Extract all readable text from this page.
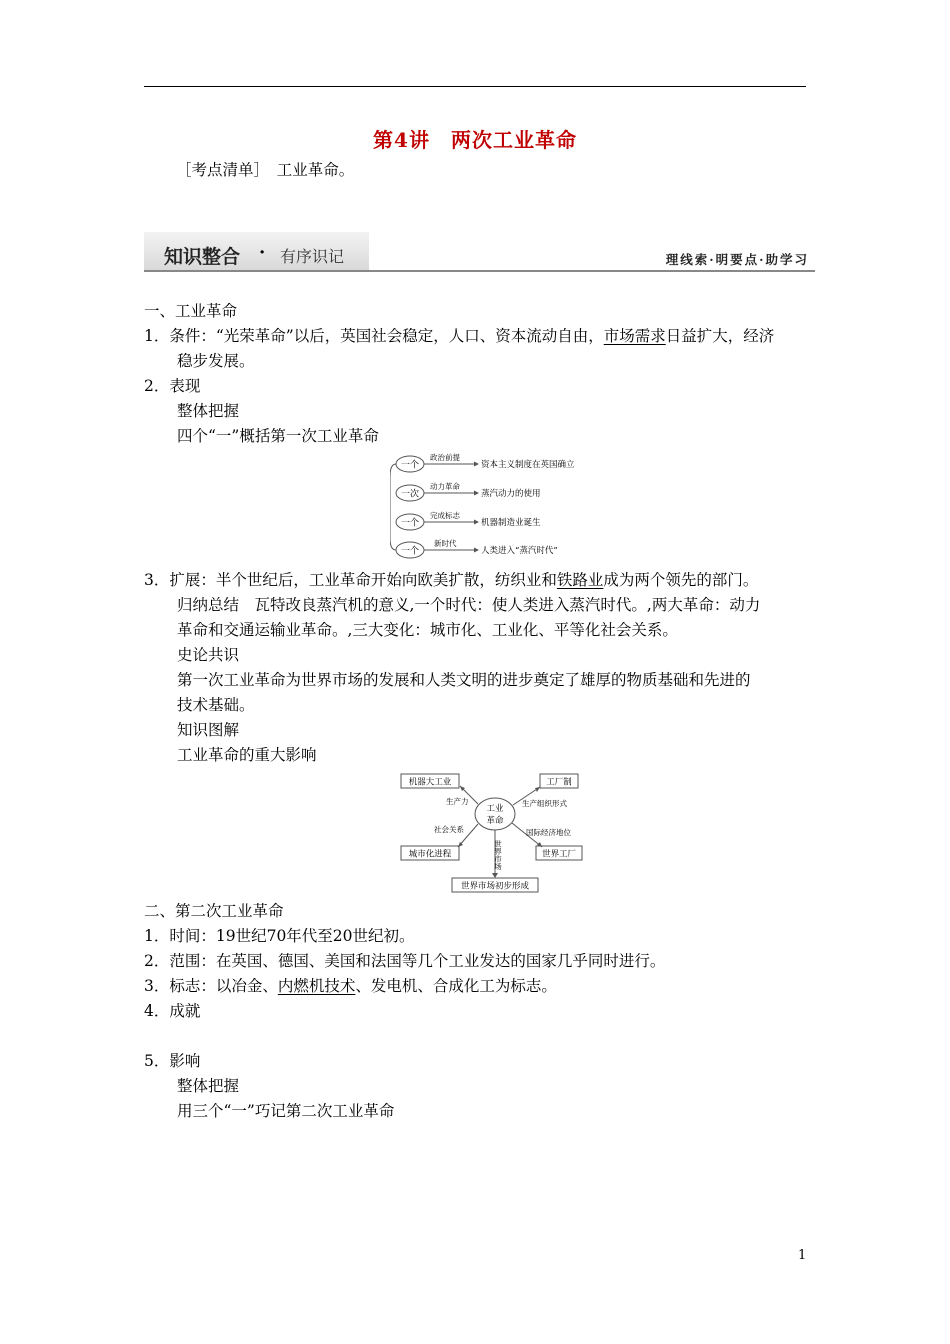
第4讲　两次工业革命
［考点清单］　工业革命。
知识整合 · 有序识记	理线索·明要点·助学习
一、工业革命
1．条件：“光荣革命”以后，英国社会稳定，人口、资本流动自由，市场需求日益扩大，经济
稳步发展。
2．表现
整体把握
四个“一”概括第一次工业革命
一个
政治前提
资本主义制度在英国确立
一次
动力革命
蒸汽动力的使用
一个
完成标志
机器制造业诞生
一个
新时代
人类进入“蒸汽时代”
3．扩展：半个世纪后，工业革命开始向欧美扩散，纺织业和铁路业成为两个领先的部门。
归纳总结　瓦特改良蒸汽机的意义,一个时代：使人类进入蒸汽时代。,两大革命：动力
革命和交通运输业革命。,三大变化：城市化、工业化、平等化社会关系。
史论共识
第一次工业革命为世界市场的发展和人类文明的进步奠定了雄厚的物质基础和先进的
技术基础。
知识图解
工业革命的重大影响
机器大工业	工厂制
城市化进程	世界工厂
世界市场初步形成
工业
革命
生产力	生产组织形式
社会关系	国际经济地位
世界市场
二、第二次工业革命
1．时间：19世纪70年代至20世纪初。
2．范围：在英国、德国、美国和法国等几个工业发达的国家几乎同时进行。
3．标志：以冶金、内燃机技术、发电机、合成化工为标志。
4．成就
5．影响
整体把握
用三个“一”巧记第二次工业革命
1
